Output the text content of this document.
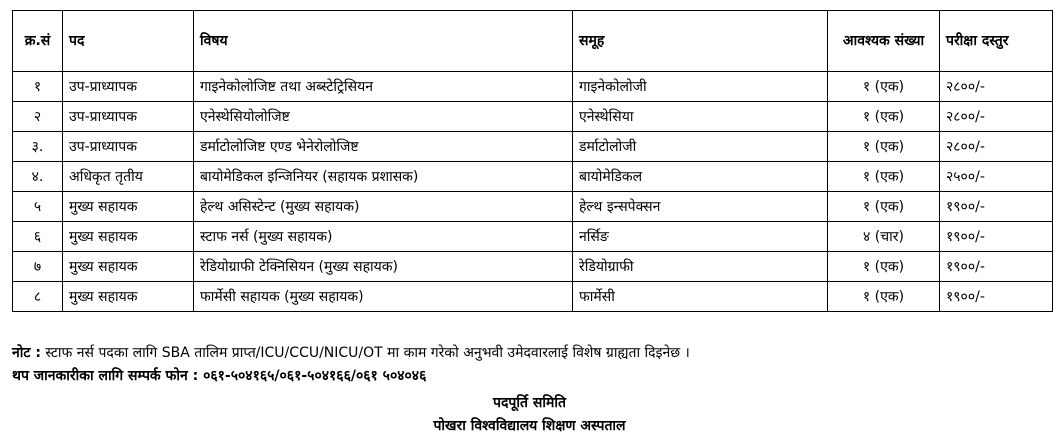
क्र.सं	पद	विषय	समूह	आवश्यक संख्या	परीक्षा दस्तुर
१	उप-प्राध्यापक	गाइनेकोलोजिष्ट तथा अब्स्टेट्रिसियन	गाइनेकोलोजी	१ (एक)	२८००/-
२	उप-प्राध्यापक	एनेस्थेसियोलोजिष्ट	एनेस्थेसिया	१ (एक)	२८००/-
३.	उप-प्राध्यापक	डर्माटोलोजिष्ट एण्ड भेनेरोलोजिष्ट	डर्माटोलोजी	१ (एक)	२८००/-
४.	अधिकृत तृतीय	बायोमेडिकल इन्जिनियर (सहायक प्रशासक)	बायोमेडिकल	१ (एक)	२५००/-
५	मुख्य सहायक	हेल्थ असिस्टेन्ट (मुख्य सहायक)	हेल्थ इन्सपेक्सन	१ (एक)	१९००/-
६	मुख्य सहायक	स्टाफ नर्स (मुख्य सहायक)	नर्सिङ	४ (चार)	१९००/-
७	मुख्य सहायक	रेडियोग्राफी टेक्निसियन (मुख्य सहायक)	रेडियोग्राफी	१ (एक)	१९००/-
८	मुख्य सहायक	फार्मेसी सहायक (मुख्य सहायक)	फार्मेसी	१ (एक)	१९००/-
नोट : स्टाफ नर्स पदका लागि SBA तालिम प्राप्त/ICU/CCU/NICU/OT मा काम गरेको अनुभवी उमेदवारलाई विशेष ग्राह्यता दिइनेछ ।
थप जानकारीका लागि सम्पर्क फोन : ०६१-५०४१६५/०६१-५०४१६६/०६१ ५०४०४६
पदपूर्ति समिति
पोखरा विश्वविद्यालय शिक्षण अस्पताल
